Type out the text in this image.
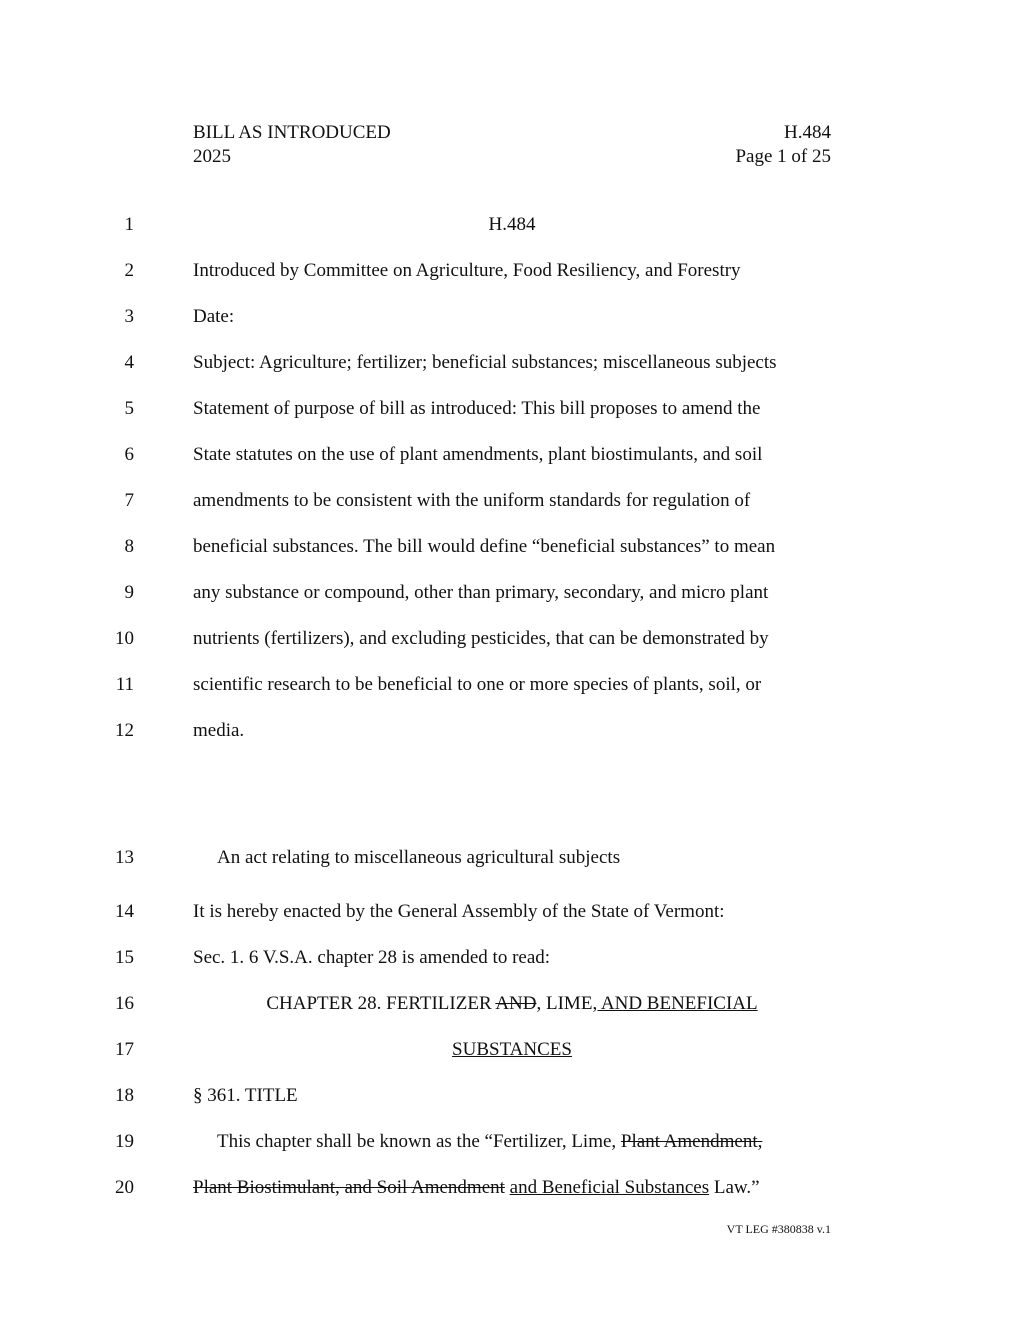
BILL AS INTRODUCED
2025
H.484
Page 1 of 25
1	H.484
2	Introduced by Committee on Agriculture, Food Resiliency, and Forestry
3	Date:
4	Subject: Agriculture; fertilizer; beneficial substances; miscellaneous subjects
5	Statement of purpose of bill as introduced: This bill proposes to amend the
6	State statutes on the use of plant amendments, plant biostimulants, and soil
7	amendments to be consistent with the uniform standards for regulation of
8	beneficial substances. The bill would define “beneficial substances” to mean
9	any substance or compound, other than primary, secondary, and micro plant
10	nutrients (fertilizers), and excluding pesticides, that can be demonstrated by
11	scientific research to be beneficial to one or more species of plants, soil, or
12	media.
13	An act relating to miscellaneous agricultural subjects
14	It is hereby enacted by the General Assembly of the State of Vermont:
15	Sec. 1. 6 V.S.A. chapter 28 is amended to read:
16	CHAPTER 28. FERTILIZER AND, LIME, AND BENEFICIAL
17	SUBSTANCES
18	§ 361. TITLE
19	This chapter shall be known as the “Fertilizer, Lime, Plant Amendment,
20	Plant Biostimulant, and Soil Amendment and Beneficial Substances Law.”
VT LEG #380838 v.1
